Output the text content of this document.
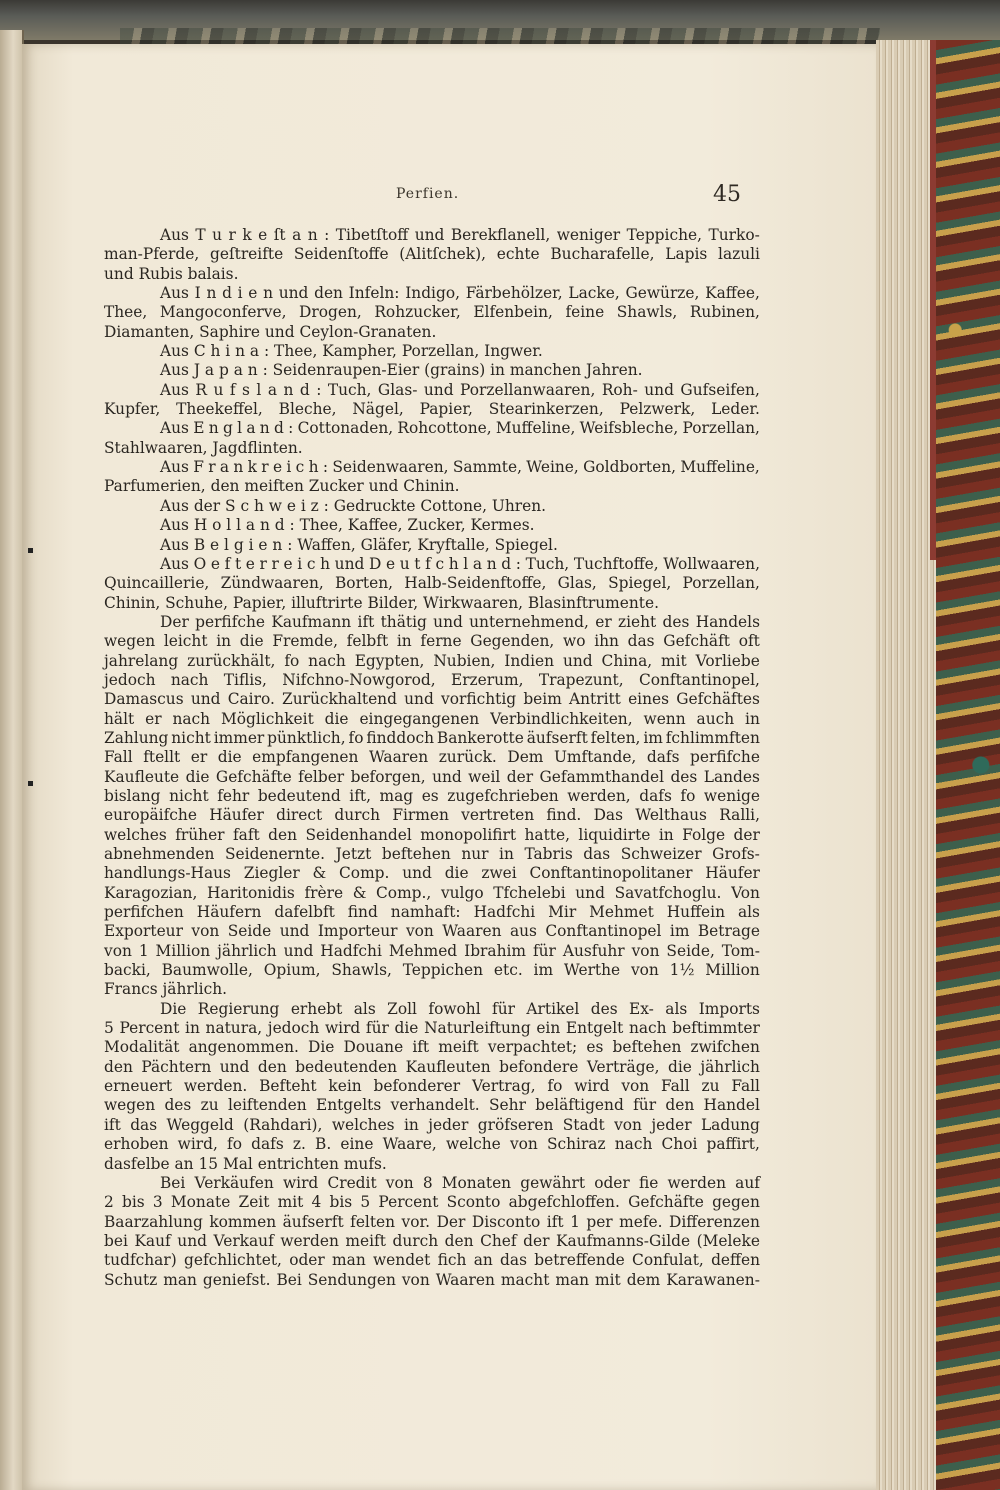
Perfien.	45
Aus T u r k e ſt a n : Tibetſtoff und Berekflanell, weniger Teppiche, Turko-
man-Pferde, geſtreifte Seidenſtoffe (Alitſchek), echte Bucharafelle, Lapis lazuli
und Rubis balais.
Aus I n d i e n und den Infeln: Indigo, Färbehölzer, Lacke, Gewürze, Kaffee,
Thee, Mangoconferve, Drogen, Rohzucker, Elfenbein, feine Shawls, Rubinen,
Diamanten, Saphire und Ceylon-Granaten.
Aus C h i n a : Thee, Kampher, Porzellan, Ingwer.
Aus J a p a n : Seidenraupen-Eier (grains) in manchen Jahren.
Aus R u f s l a n d : Tuch, Glas- und Porzellanwaaren, Roh- und Gufseifen,
Kupfer, Theekeffel, Bleche, Nägel, Papier, Stearinkerzen, Pelzwerk, Leder.
Aus E n g l a n d : Cottonaden, Rohcottone, Muffeline, Weifsbleche, Porzellan,
Stahlwaaren, Jagdflinten.
Aus F r a n k r e i c h : Seidenwaaren, Sammte, Weine, Goldborten, Muffeline,
Parfumerien, den meiften Zucker und Chinin.
Aus der S c h w e i z : Gedruckte Cottone, Uhren.
Aus H o l l a n d : Thee, Kaffee, Zucker, Kermes.
Aus B e l g i e n : Waffen, Gläfer, Kryftalle, Spiegel.
Aus O e f t e r r e i c h und D e u t f c h l a n d : Tuch, Tuchftoffe, Wollwaaren,
Quincaillerie, Zündwaaren, Borten, Halb-Seidenftoffe, Glas, Spiegel, Porzellan,
Chinin, Schuhe, Papier, illuftrirte Bilder, Wirkwaaren, Blasinftrumente.
Der perfifche Kaufmann ift thätig und unternehmend, er zieht des Handels
wegen leicht in die Fremde, felbft in ferne Gegenden, wo ihn das Gefchäft oft
jahrelang zurückhält, fo nach Egypten, Nubien, Indien und China, mit Vorliebe
jedoch nach Tiflis, Nifchno-Nowgorod, Erzerum, Trapezunt, Conftantinopel,
Damascus und Cairo. Zurückhaltend und vorfichtig beim Antritt eines Gefchäftes
hält er nach Möglichkeit die eingegangenen Verbindlichkeiten, wenn auch in
Zahlung nicht immer pünktlich, fo finddoch Bankerotte äufserft felten, im fchlimmften
Fall ftellt er die empfangenen Waaren zurück. Dem Umftande, dafs perfifche
Kaufleute die Gefchäfte felber beforgen, und weil der Gefammthandel des Landes
bislang nicht fehr bedeutend ift, mag es zugefchrieben werden, dafs fo wenige
europäifche Häufer direct durch Firmen vertreten find. Das Welthaus Ralli,
welches früher faft den Seidenhandel monopolifirt hatte, liquidirte in Folge der
abnehmenden Seidenernte. Jetzt beftehen nur in Tabris das Schweizer Grofs-
handlungs-Haus Ziegler & Comp. und die zwei Conftantinopolitaner Häufer
Karagozian, Haritonidis frère & Comp., vulgo Tfchelebi und Savatfchoglu. Von
perfifchen Häufern dafelbft find namhaft: Hadfchi Mir Mehmet Huffein als
Exporteur von Seide und Importeur von Waaren aus Conftantinopel im Betrage
von 1 Million jährlich und Hadfchi Mehmed Ibrahim für Ausfuhr von Seide, Tom-
backi, Baumwolle, Opium, Shawls, Teppichen etc. im Werthe von 1½ Million
Francs jährlich.
Die Regierung erhebt als Zoll fowohl für Artikel des Ex- als Imports
5 Percent in natura, jedoch wird für die Naturleiftung ein Entgelt nach beftimmter
Modalität angenommen. Die Douane ift meift verpachtet; es beftehen zwifchen
den Pächtern und den bedeutenden Kaufleuten befondere Verträge, die jährlich
erneuert werden. Befteht kein befonderer Vertrag, fo wird von Fall zu Fall
wegen des zu leiftenden Entgelts verhandelt. Sehr beläftigend für den Handel
ift das Weggeld (Rahdari), welches in jeder gröfseren Stadt von jeder Ladung
erhoben wird, fo dafs z. B. eine Waare, welche von Schiraz nach Choi paffirt,
dasfelbe an 15 Mal entrichten mufs.
Bei Verkäufen wird Credit von 8 Monaten gewährt oder fie werden auf
2 bis 3 Monate Zeit mit 4 bis 5 Percent Sconto abgefchloffen. Gefchäfte gegen
Baarzahlung kommen äufserft felten vor. Der Disconto ift 1 per mefe. Differenzen
bei Kauf und Verkauf werden meift durch den Chef der Kaufmanns-Gilde (Meleke
tudfchar) gefchlichtet, oder man wendet fich an das betreffende Confulat, deffen
Schutz man geniefst. Bei Sendungen von Waaren macht man mit dem Karawanen-
